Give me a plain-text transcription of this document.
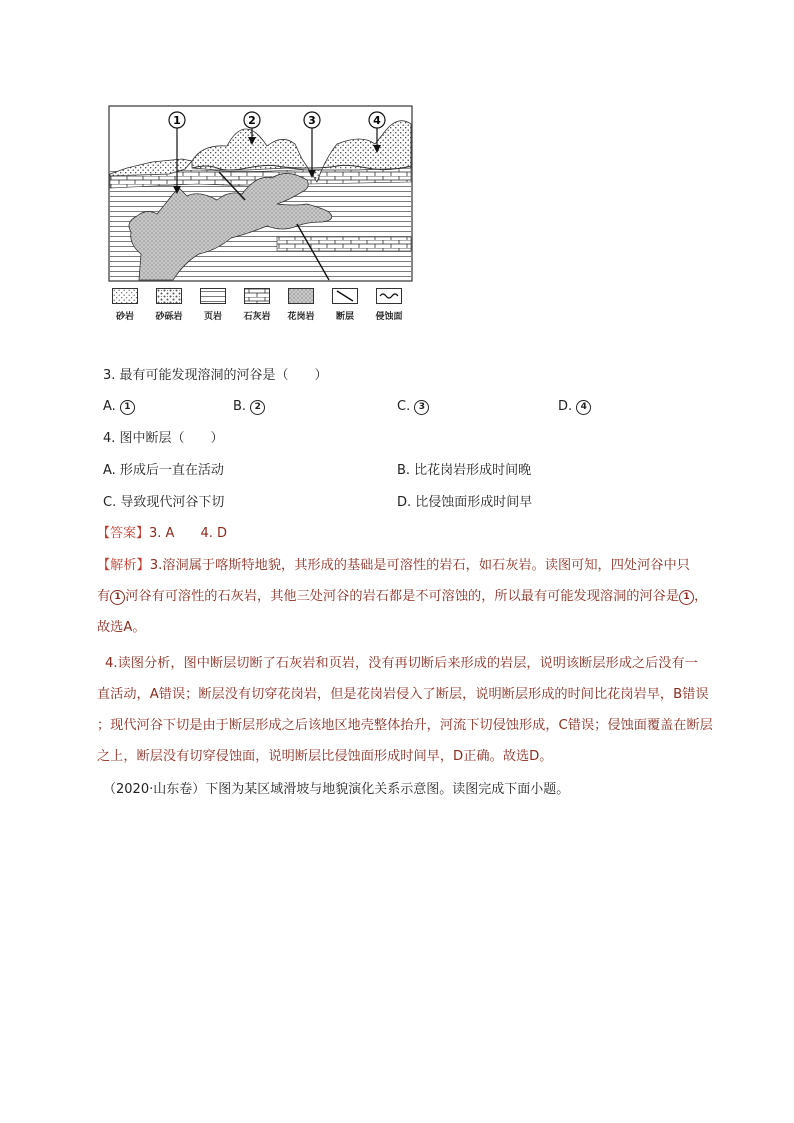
1	2	3	4
砂岩	砂砾岩	页岩	石灰岩	花岗岩	断层	侵蚀面
3. 最有可能发现溶洞的河谷是（　　）
A. 1	B. 2	C. 3	D. 4
4. 图中断层（　　）
A. 形成后一直在活动	B. 比花岗岩形成时间晚
C. 导致现代河谷下切	D. 比侵蚀面形成时间早
【答案】3. A　　4. D

【解析】3.溶洞属于喀斯特地貌，其形成的基础是可溶性的岩石，如石灰岩。读图可知，四处河谷中只

有 1 河谷有可溶性的石灰岩，其他三处河谷的岩石都是不可溶蚀的，所以最有可能发现溶洞的河谷是 1 ，

故选A。

4.读图分析，图中断层切断了石灰岩和页岩，没有再切断后来形成的岩层，说明该断层形成之后没有一

直活动，A错误；断层没有切穿花岗岩，但是花岗岩侵入了断层，说明断层形成的时间比花岗岩早，B错误

；现代河谷下切是由于断层形成之后该地区地壳整体抬升，河流下切侵蚀形成，C错误；侵蚀面覆盖在断层

之上，断层没有切穿侵蚀面，说明断层比侵蚀面形成时间早，D正确。故选D。

（2020·山东卷）下图为某区域滑坡与地貌演化关系示意图。读图完成下面小题。
